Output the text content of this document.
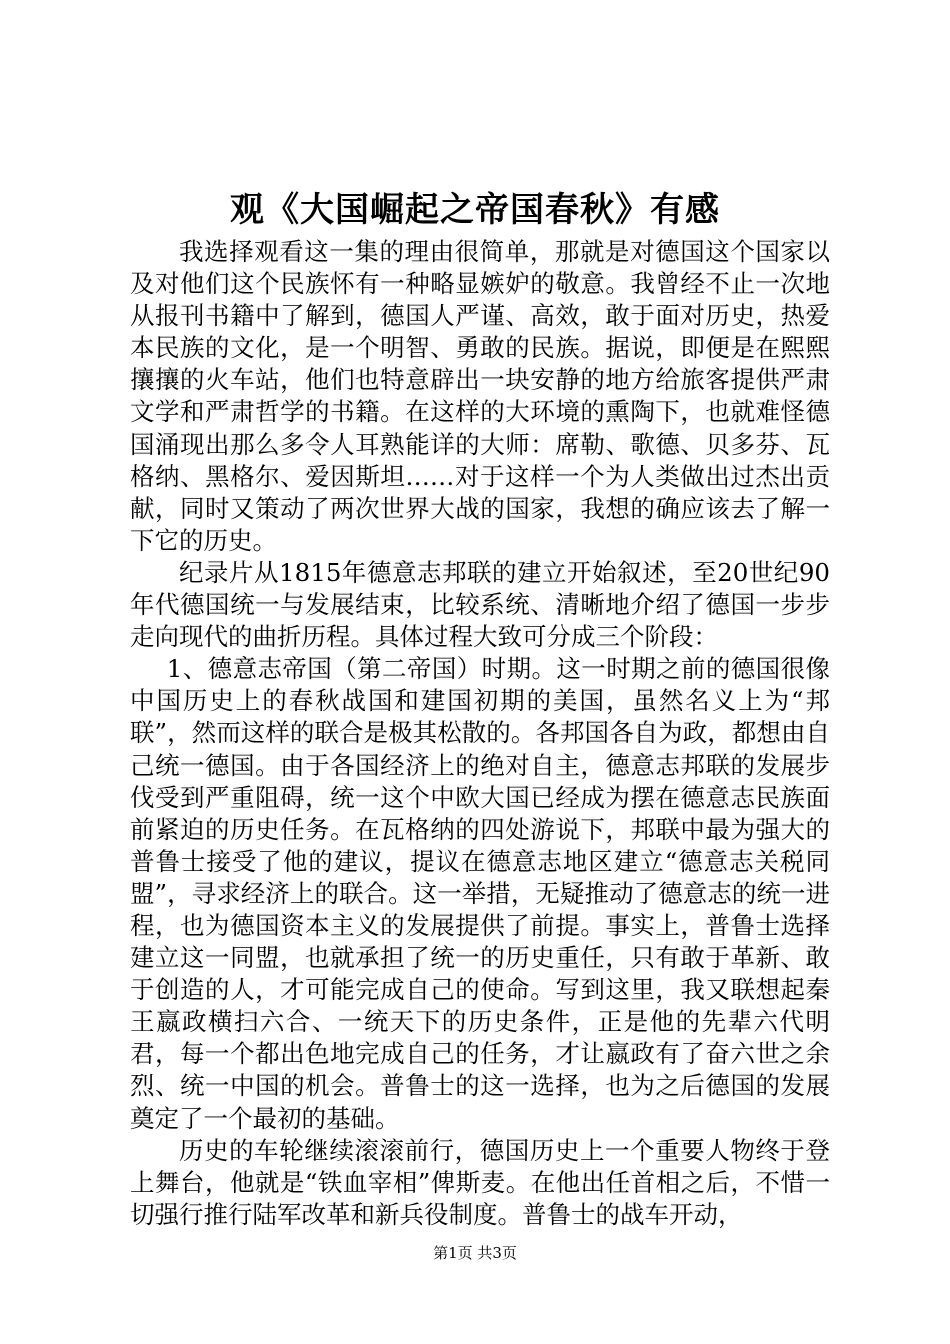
观《大国崛起之帝国春秋》有感

我选择观看这一集的理由很简单，那就是对德国这个国家以及对他们这个民族怀有一种略显嫉妒的敬意。我曾经不止一次地从报刊书籍中了解到，德国人严谨、高效，敢于面对历史，热爱本民族的文化，是一个明智、勇敢的民族。据说，即便是在熙熙攘攘的火车站，他们也特意辟出一块安静的地方给旅客提供严肃文学和严肃哲学的书籍。在这样的大环境的熏陶下，也就难怪德国涌现出那么多令人耳熟能详的大师：席勒、歌德、贝多芬、瓦格纳、黑格尔、爱因斯坦……对于这样一个为人类做出过杰出贡献，同时又策动了两次世界大战的国家，我想的确应该去了解一下它的历史。

纪录片从1815年德意志邦联的建立开始叙述，至20世纪90年代德国统一与发展结束，比较系统、清晰地介绍了德国一步步走向现代的曲折历程。具体过程大致可分成三个阶段：

1、德意志帝国（第二帝国）时期。这一时期之前的德国很像中国历史上的春秋战国和建国初期的美国，虽然名义上为“邦联”，然而这样的联合是极其松散的。各邦国各自为政，都想由自己统一德国。由于各国经济上的绝对自主，德意志邦联的发展步伐受到严重阻碍，统一这个中欧大国已经成为摆在德意志民族面前紧迫的历史任务。在瓦格纳的四处游说下，邦联中最为强大的普鲁士接受了他的建议，提议在德意志地区建立“德意志关税同盟”，寻求经济上的联合。这一举措，无疑推动了德意志的统一进程，也为德国资本主义的发展提供了前提。事实上，普鲁士选择建立这一同盟，也就承担了统一的历史重任，只有敢于革新、敢于创造的人，才可能完成自己的使命。写到这里，我又联想起秦王嬴政横扫六合、一统天下的历史条件，正是他的先辈六代明君，每一个都出色地完成自己的任务，才让嬴政有了奋六世之余烈、统一中国的机会。普鲁士的这一选择，也为之后德国的发展奠定了一个最初的基础。

历史的车轮继续滚滚前行，德国历史上一个重要人物终于登上舞台，他就是“铁血宰相”俾斯麦。在他出任首相之后，不惜一切强行推行陆军改革和新兵役制度。普鲁士的战车开动，

第1页 共3页
